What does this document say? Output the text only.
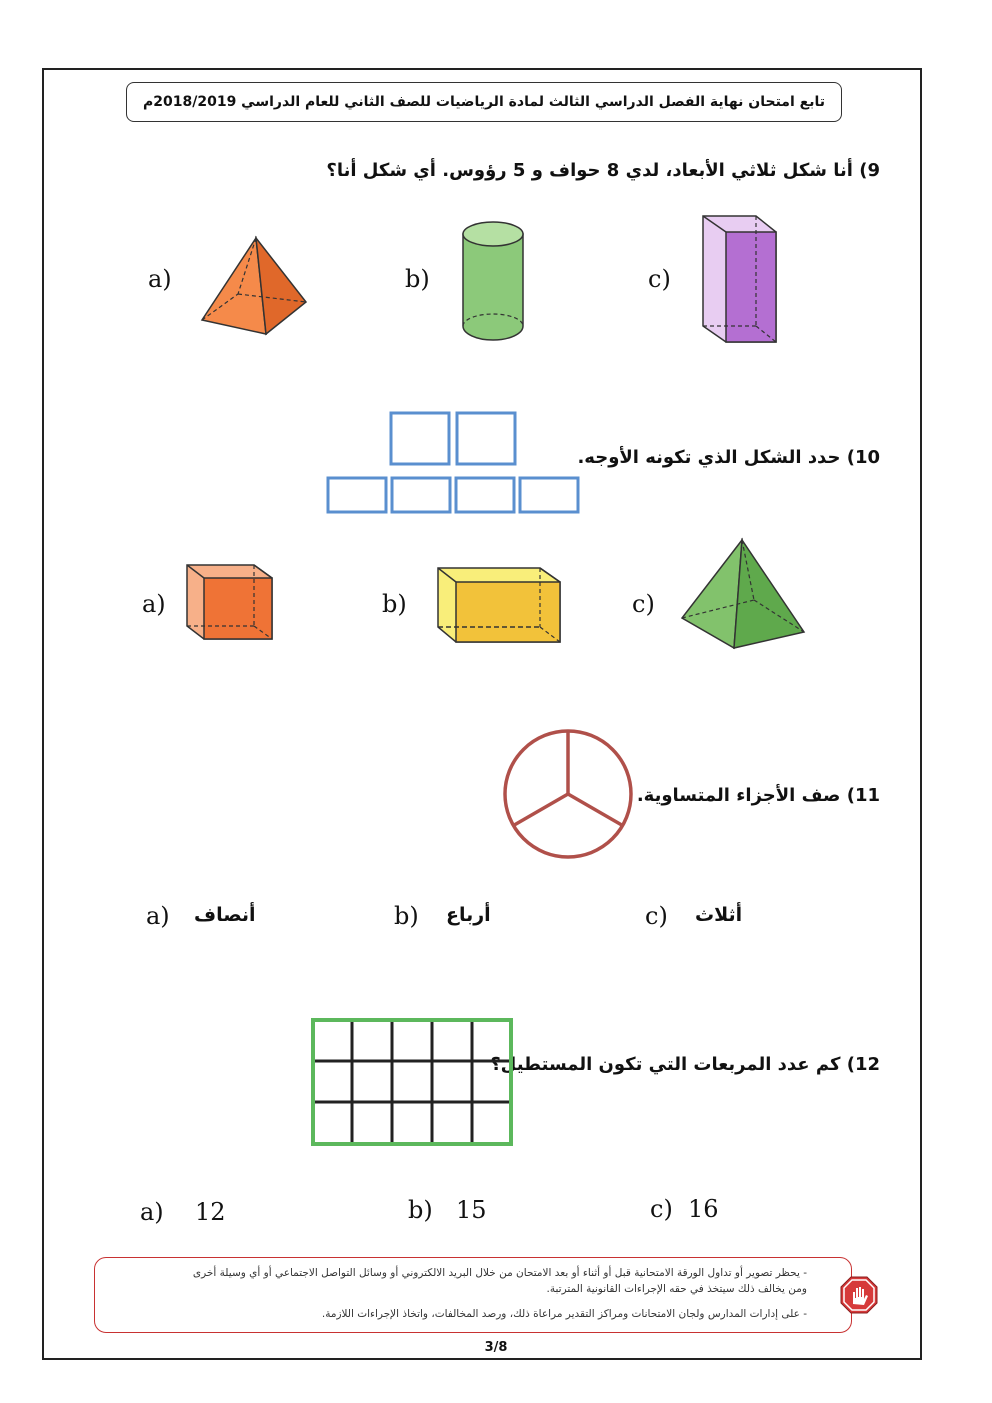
تابع امتحان نهاية الفصل الدراسي الثالث لمادة الرياضيات للصف الثاني للعام الدراسي 2018/2019م
9) أنا شكل ثلاثي الأبعاد، لدي 8 حواف و 5 رؤوس. أي شكل أنا؟
a)	b)	c)
10) حدد الشكل الذي تكونه الأوجه.
a)	b)	c)
11) صف الأجزاء المتساوية.
a) أنصاف	b) أرباع	c) أثلاث
12) كم عدد المربعات التي تكون المستطيل؟
a) 12	b) 15	c) 16
- يحظر تصوير أو تداول الورقة الامتحانية قبل أو أثناء أو بعد الامتحان من خلال البريد الالكتروني أو وسائل التواصل الاجتماعي أو أي وسيلة أخرى
ومن يخالف ذلك سيتخذ في حقه الإجراءات القانونية المترتبة.
- على إدارات المدارس ولجان الامتحانات ومراكز التقدير مراعاة ذلك، ورصد المخالفات، واتخاذ الإجراءات اللازمة.
3/8
